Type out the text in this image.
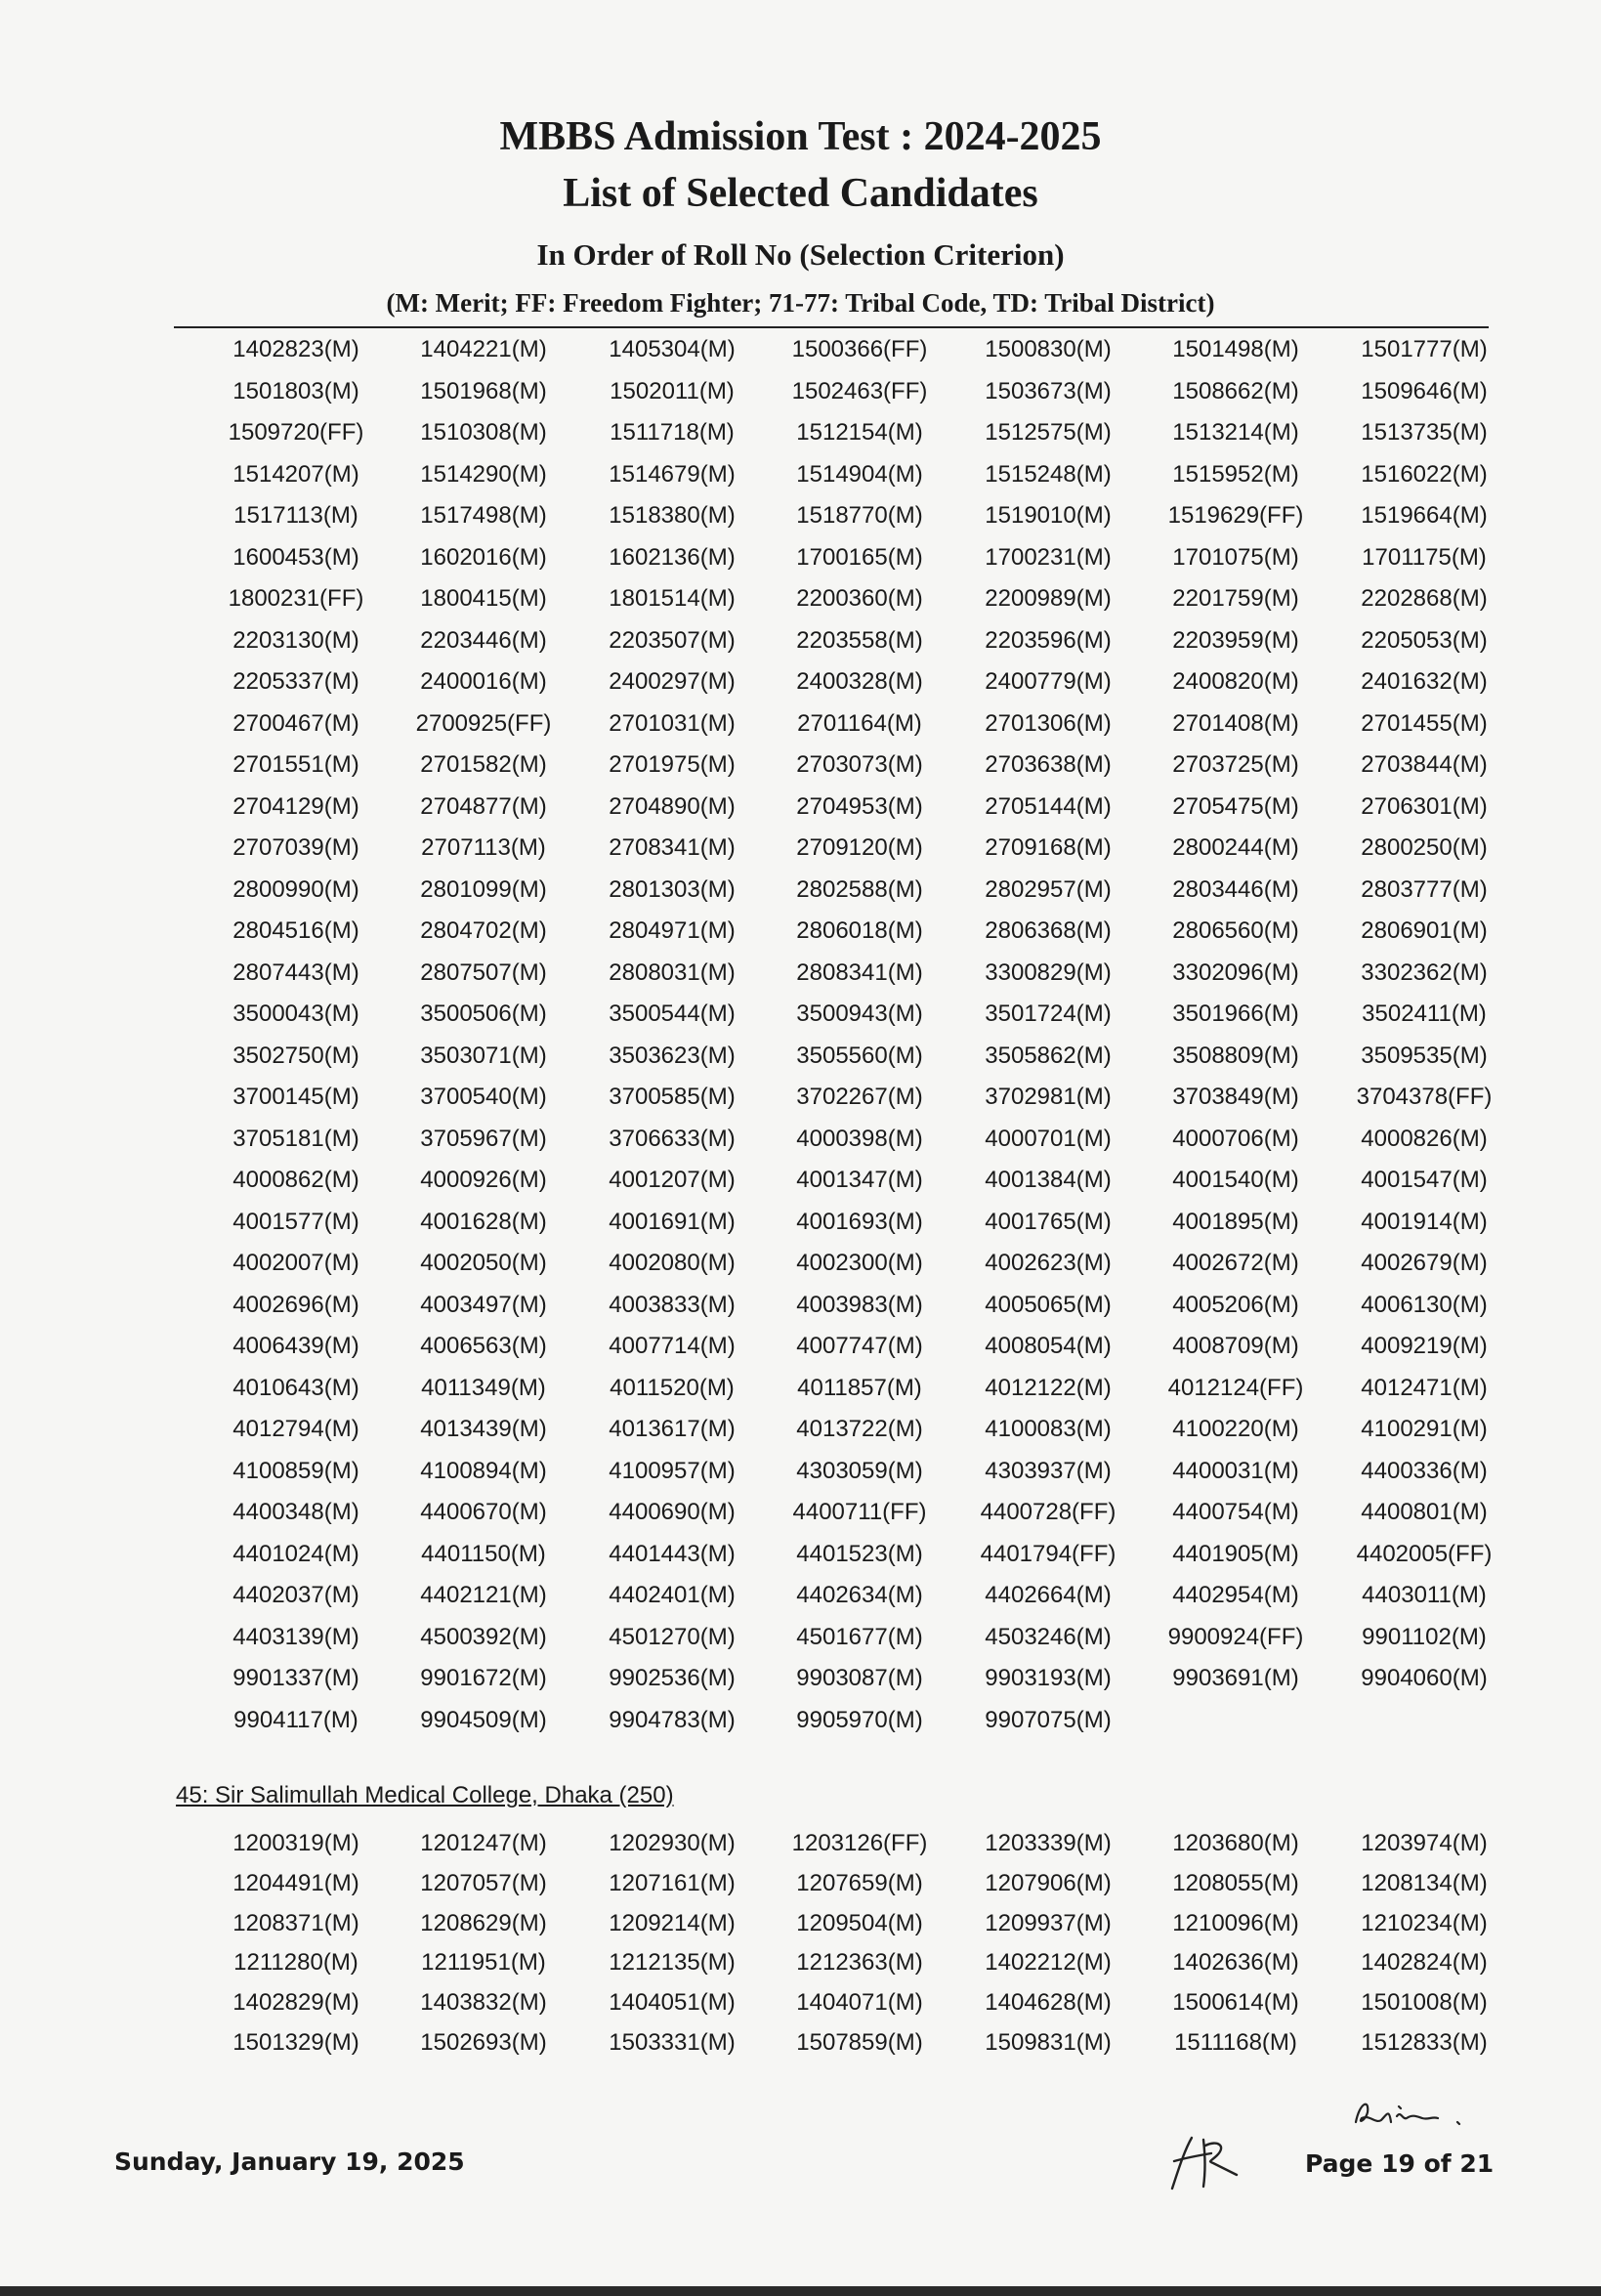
MBBS Admission Test : 2024-2025
List of Selected Candidates
In Order of Roll No (Selection Criterion)
(M: Merit; FF: Freedom Fighter; 71-77: Tribal Code, TD: Tribal District)
1402823(M)	1404221(M)	1405304(M)	1500366(FF)	1500830(M)	1501498(M)	1501777(M)
1501803(M)	1501968(M)	1502011(M)	1502463(FF)	1503673(M)	1508662(M)	1509646(M)
1509720(FF)	1510308(M)	1511718(M)	1512154(M)	1512575(M)	1513214(M)	1513735(M)
1514207(M)	1514290(M)	1514679(M)	1514904(M)	1515248(M)	1515952(M)	1516022(M)
1517113(M)	1517498(M)	1518380(M)	1518770(M)	1519010(M)	1519629(FF)	1519664(M)
1600453(M)	1602016(M)	1602136(M)	1700165(M)	1700231(M)	1701075(M)	1701175(M)
1800231(FF)	1800415(M)	1801514(M)	2200360(M)	2200989(M)	2201759(M)	2202868(M)
2203130(M)	2203446(M)	2203507(M)	2203558(M)	2203596(M)	2203959(M)	2205053(M)
2205337(M)	2400016(M)	2400297(M)	2400328(M)	2400779(M)	2400820(M)	2401632(M)
2700467(M)	2700925(FF)	2701031(M)	2701164(M)	2701306(M)	2701408(M)	2701455(M)
2701551(M)	2701582(M)	2701975(M)	2703073(M)	2703638(M)	2703725(M)	2703844(M)
2704129(M)	2704877(M)	2704890(M)	2704953(M)	2705144(M)	2705475(M)	2706301(M)
2707039(M)	2707113(M)	2708341(M)	2709120(M)	2709168(M)	2800244(M)	2800250(M)
2800990(M)	2801099(M)	2801303(M)	2802588(M)	2802957(M)	2803446(M)	2803777(M)
2804516(M)	2804702(M)	2804971(M)	2806018(M)	2806368(M)	2806560(M)	2806901(M)
2807443(M)	2807507(M)	2808031(M)	2808341(M)	3300829(M)	3302096(M)	3302362(M)
3500043(M)	3500506(M)	3500544(M)	3500943(M)	3501724(M)	3501966(M)	3502411(M)
3502750(M)	3503071(M)	3503623(M)	3505560(M)	3505862(M)	3508809(M)	3509535(M)
3700145(M)	3700540(M)	3700585(M)	3702267(M)	3702981(M)	3703849(M)	3704378(FF)
3705181(M)	3705967(M)	3706633(M)	4000398(M)	4000701(M)	4000706(M)	4000826(M)
4000862(M)	4000926(M)	4001207(M)	4001347(M)	4001384(M)	4001540(M)	4001547(M)
4001577(M)	4001628(M)	4001691(M)	4001693(M)	4001765(M)	4001895(M)	4001914(M)
4002007(M)	4002050(M)	4002080(M)	4002300(M)	4002623(M)	4002672(M)	4002679(M)
4002696(M)	4003497(M)	4003833(M)	4003983(M)	4005065(M)	4005206(M)	4006130(M)
4006439(M)	4006563(M)	4007714(M)	4007747(M)	4008054(M)	4008709(M)	4009219(M)
4010643(M)	4011349(M)	4011520(M)	4011857(M)	4012122(M)	4012124(FF)	4012471(M)
4012794(M)	4013439(M)	4013617(M)	4013722(M)	4100083(M)	4100220(M)	4100291(M)
4100859(M)	4100894(M)	4100957(M)	4303059(M)	4303937(M)	4400031(M)	4400336(M)
4400348(M)	4400670(M)	4400690(M)	4400711(FF)	4400728(FF)	4400754(M)	4400801(M)
4401024(M)	4401150(M)	4401443(M)	4401523(M)	4401794(FF)	4401905(M)	4402005(FF)
4402037(M)	4402121(M)	4402401(M)	4402634(M)	4402664(M)	4402954(M)	4403011(M)
4403139(M)	4500392(M)	4501270(M)	4501677(M)	4503246(M)	9900924(FF)	9901102(M)
9901337(M)	9901672(M)	9902536(M)	9903087(M)	9903193(M)	9903691(M)	9904060(M)
9904117(M)	9904509(M)	9904783(M)	9905970(M)	9907075(M)
45: Sir Salimullah Medical College, Dhaka (250)
1200319(M)	1201247(M)	1202930(M)	1203126(FF)	1203339(M)	1203680(M)	1203974(M)
1204491(M)	1207057(M)	1207161(M)	1207659(M)	1207906(M)	1208055(M)	1208134(M)
1208371(M)	1208629(M)	1209214(M)	1209504(M)	1209937(M)	1210096(M)	1210234(M)
1211280(M)	1211951(M)	1212135(M)	1212363(M)	1402212(M)	1402636(M)	1402824(M)
1402829(M)	1403832(M)	1404051(M)	1404071(M)	1404628(M)	1500614(M)	1501008(M)
1501329(M)	1502693(M)	1503331(M)	1507859(M)	1509831(M)	1511168(M)	1512833(M)
Sunday, January 19, 2025	Page 19 of 21
